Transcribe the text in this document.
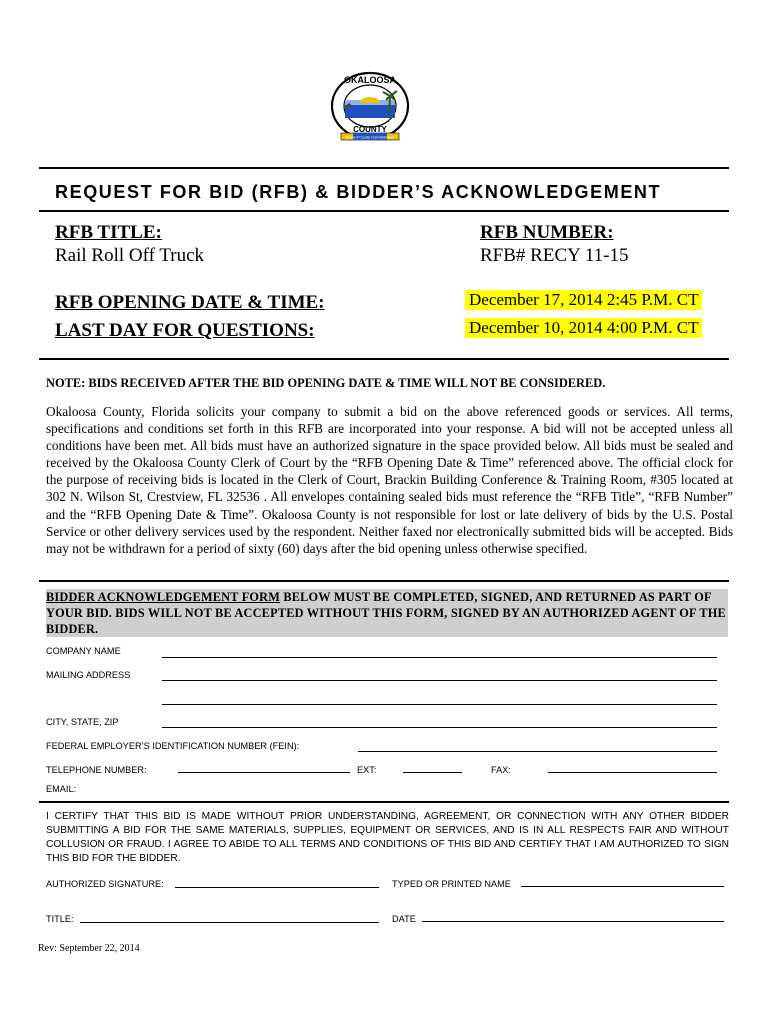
OKALOOSA
COUNTY
Board of County Commissioners
REQUEST FOR BID (RFB) & BIDDER’S ACKNOWLEDGEMENT
RFB TITLE:
Rail Roll Off Truck
RFB NUMBER:
RFB# RECY 11-15
RFB OPENING DATE & TIME:	December 17, 2014 2:45 P.M. CT
LAST DAY FOR QUESTIONS:	December 10, 2014 4:00 P.M. CT
NOTE: BIDS RECEIVED AFTER THE BID OPENING DATE & TIME WILL NOT BE CONSIDERED.
Okaloosa County, Florida solicits your company to submit a bid on the above referenced goods or services. All terms, specifications and conditions set forth in this RFB are incorporated into your response. A bid will not be accepted unless all conditions have been met. All bids must have an authorized signature in the space provided below. All bids must be sealed and received by the Okaloosa County Clerk of Court by the “RFB Opening Date & Time” referenced above. The official clock for the purpose of receiving bids is located in the Clerk of Court, Brackin Building Conference & Training Room, #305 located at 302 N. Wilson St, Crestview, FL 32536 . All envelopes containing sealed bids must reference the “RFB Title”, “RFB Number” and the “RFB Opening Date & Time”. Okaloosa County is not responsible for lost or late delivery of bids by the U.S. Postal Service or other delivery services used by the respondent. Neither faxed nor electronically submitted bids will be accepted. Bids may not be withdrawn for a period of sixty (60) days after the bid opening unless otherwise specified.
BIDDER ACKNOWLEDGEMENT FORM BELOW MUST BE COMPLETED, SIGNED, AND RETURNED AS PART OF YOUR BID. BIDS WILL NOT BE ACCEPTED WITHOUT THIS FORM, SIGNED BY AN AUTHORIZED AGENT OF THE BIDDER.
COMPANY NAME
MAILING ADDRESS
CITY, STATE, ZIP
FEDERAL EMPLOYER’S IDENTIFICATION NUMBER (FEIN):
TELEPHONE NUMBER:	EXT:	FAX:
EMAIL:
I CERTIFY THAT THIS BID IS MADE WITHOUT PRIOR UNDERSTANDING, AGREEMENT, OR CONNECTION WITH ANY OTHER BIDDER SUBMITTING A BID FOR THE SAME MATERIALS, SUPPLIES, EQUIPMENT OR SERVICES, AND IS IN ALL RESPECTS FAIR AND WITHOUT COLLUSION OR FRAUD. I AGREE TO ABIDE TO ALL TERMS AND CONDITIONS OF THIS BID AND CERTIFY THAT I AM AUTHORIZED TO SIGN THIS BID FOR THE BIDDER.
AUTHORIZED SIGNATURE:	TYPED OR PRINTED NAME
TITLE:	DATE
Rev: September 22, 2014
